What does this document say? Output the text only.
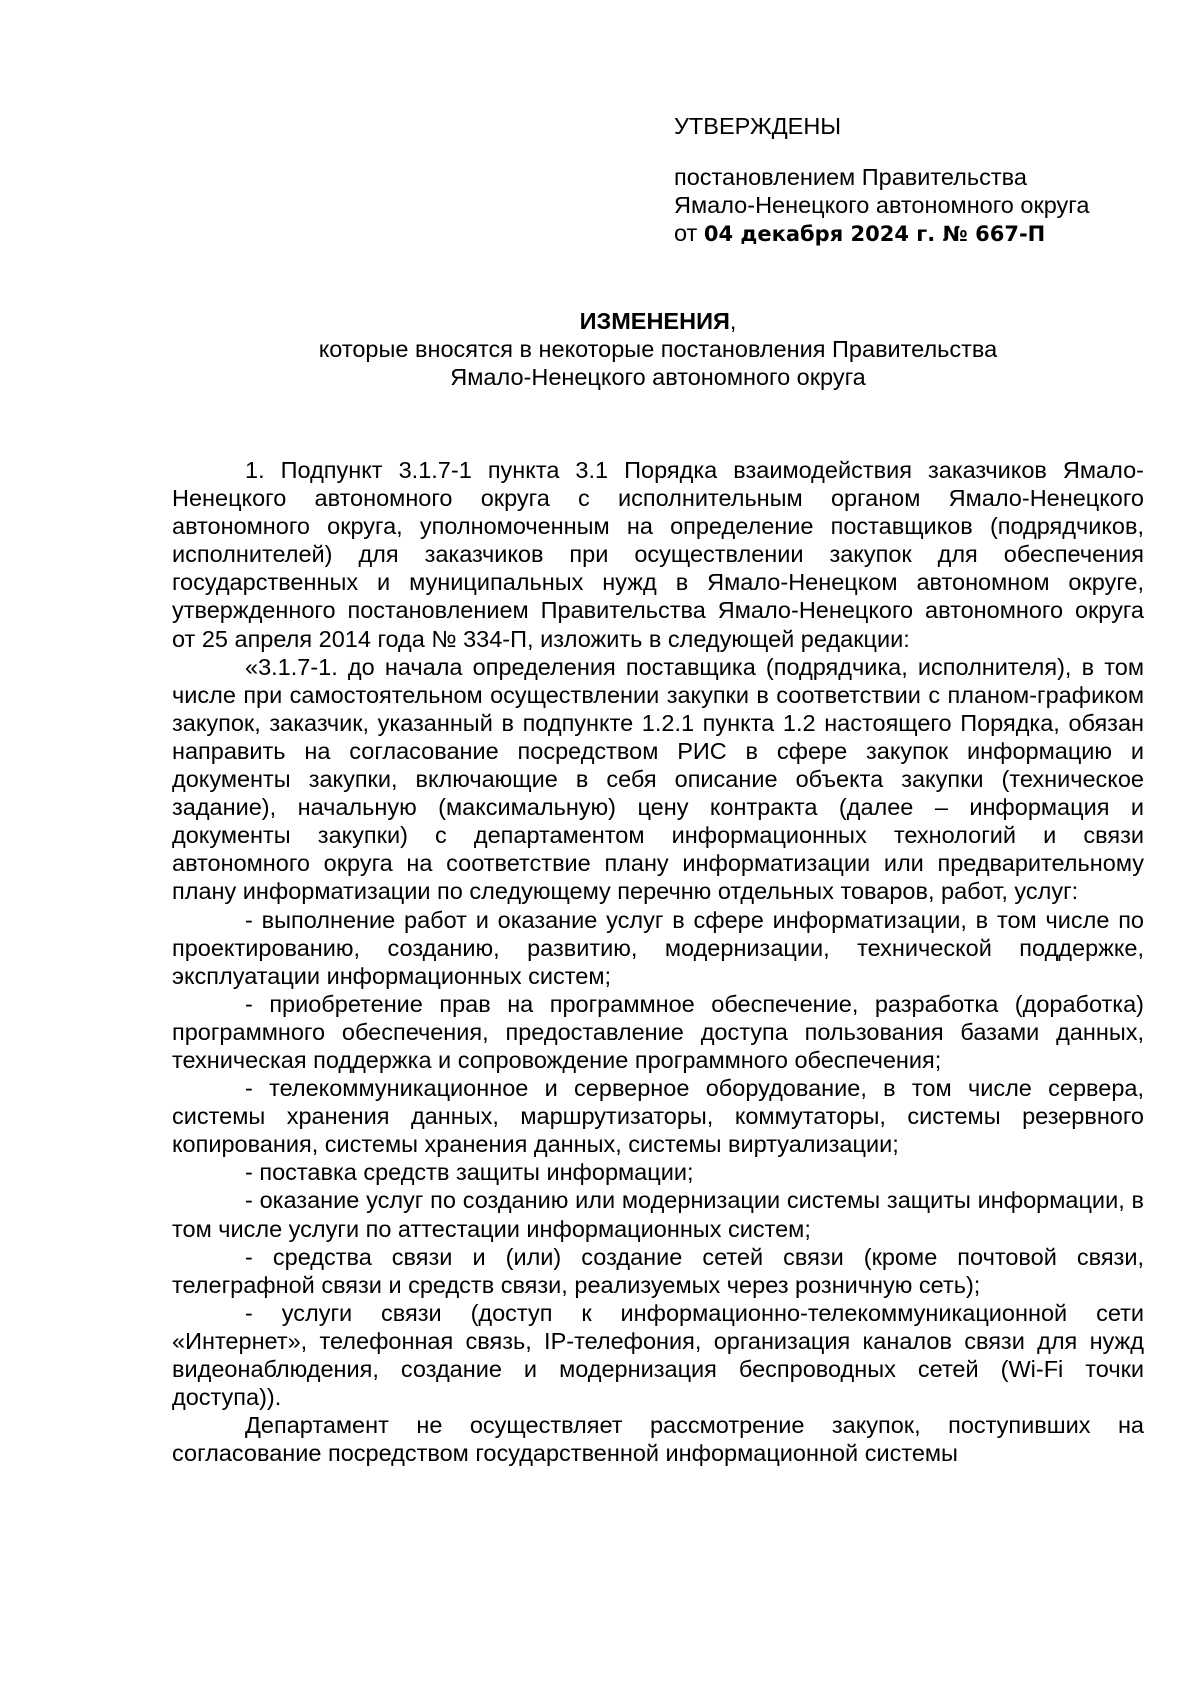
УТВЕРЖДЕНЫ

постановлением Правительства

Ямало-Ненецкого автономного округа

от 04 декабря 2024 г. № 667-П

ИЗМЕНЕНИЯ,
которые вносятся в некоторые постановления Правительства
Ямало-Ненецкого автономного округа

1. Подпункт 3.1.7-1 пункта 3.1 Порядка взаимодействия заказчиков Ямало-Ненецкого автономного округа с исполнительным органом Ямало-Ненецкого автономного округа, уполномоченным на определение поставщиков (подрядчиков, исполнителей) для заказчиков при осуществлении закупок для обеспечения государственных и муниципальных нужд в Ямало-Ненецком автономном округе, утвержденного постановлением Правительства Ямало-Ненецкого автономного округа от 25 апреля 2014 года № 334-П, изложить в следующей редакции:

«3.1.7-1. до начала определения поставщика (подрядчика, исполнителя), в том числе при самостоятельном осуществлении закупки в соответствии с планом-графиком закупок, заказчик, указанный в подпункте 1.2.1 пункта 1.2 настоящего Порядка, обязан направить на согласование посредством РИС в сфере закупок информацию и документы закупки, включающие в себя описание объекта закупки (техническое задание), начальную (максимальную) цену контракта (далее – информация и документы закупки) с департаментом информационных технологий и связи автономного округа на соответствие плану информатизации или предварительному плану информатизации по следующему перечню отдельных товаров, работ, услуг:

- выполнение работ и оказание услуг в сфере информатизации, в том числе по проектированию, созданию, развитию, модернизации, технической поддержке, эксплуатации информационных систем;

- приобретение прав на программное обеспечение, разработка (доработка) программного обеспечения, предоставление доступа пользования базами данных, техническая поддержка и сопровождение программного обеспечения;

- телекоммуникационное и серверное оборудование, в том числе сервера, системы хранения данных, маршрутизаторы, коммутаторы, системы резервного копирования, системы хранения данных, системы виртуализации;

- поставка средств защиты информации;

- оказание услуг по созданию или модернизации системы защиты информации, в том числе услуги по аттестации информационных систем;

- средства связи и (или) создание сетей связи (кроме почтовой связи, телеграфной связи и средств связи, реализуемых через розничную сеть);

- услуги связи (доступ к информационно-телекоммуникационной сети «Интернет», телефонная связь, IP-телефония, организация каналов связи для нужд видеонаблюдения, создание и модернизация беспроводных сетей (Wi-Fi точки доступа)).

Департамент не осуществляет рассмотрение закупок, поступивших на согласование посредством государственной информационной системы
